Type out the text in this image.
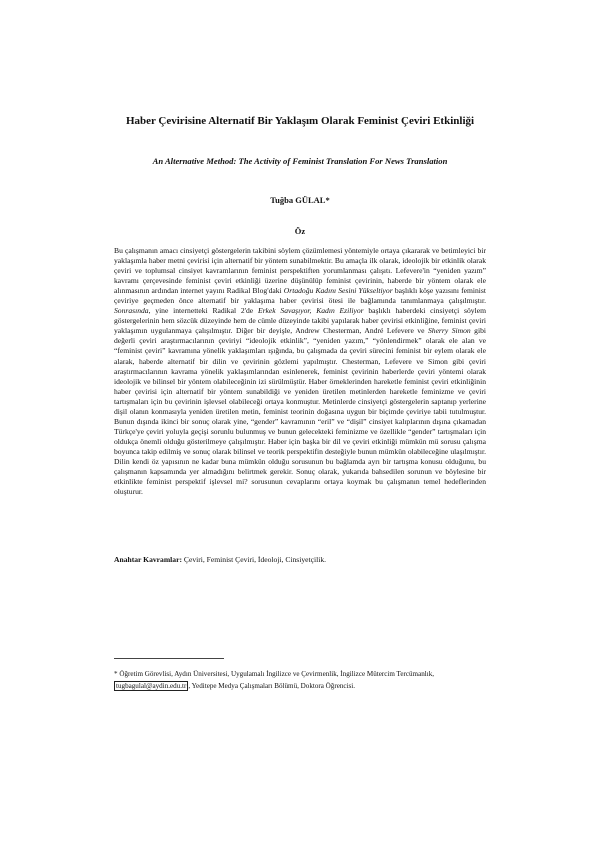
Haber Çevirisine Alternatif Bir Yaklaşım Olarak Feminist Çeviri Etkinliği
An Alternative Method: The Activity of Feminist Translation For News Translation
Tuğba GÜLAL*
Öz

Bu çalışmanın amacı cinsiyetçi göstergelerin takibini söylem çözümlemesi yöntemiyle ortaya çıkararak ve betimleyici bir yaklaşımla haber metni çevirisi için alternatif bir yöntem sunabilmektir. Bu amaçla ilk olarak, ideolojik bir etkinlik olarak çeviri ve toplumsal cinsiyet kavramlarının feminist perspektiften yorumlanması çalışıtı. Lefevere'in “yeniden yazım” kavramı çerçevesinde feminist çeviri etkinliği üzerine düşünülüp feminist çevirinin, haberde bir yöntem olarak ele alınmasının ardından internet yayını Radikal Blog'daki Ortadoğu Kadını Sesini Yükseltiyor başlıklı köşe yazısını feminist çeviriye geçmeden önce alternatif bir yaklaşıma haber çevirisi ötesi ile bağlamında tanımlanmaya çalışılmıştır. Sonrasında, yine internetteki Radikal 2'de Erkek Savaşıyor, Kadın Eziliyor başlıklı haberdeki cinsiyetçi söylem göstergelerinin hem sözcük düzeyinde hem de cümle düzeyinde takibi yapılarak haber çevirisi etkinliğine, feminist çeviri yaklaşımın uygulanmaya çalışılmıştır. Diğer bir deyişle, Andrew Chesterman, André Lefevere ve Sherry Simon gibi değerli çeviri araştırmacılarının çeviriyi “ideolojik etkinlik”, “yeniden yazım,” “yönlendirmek” olarak ele alan ve “feminist çeviri” kavramına yönelik yaklaşımları ışığında, bu çalışmada da çeviri sürecini feminist bir eylem olarak ele alarak, haberde alternatif bir dilin ve çevirinin gözlemi yapılmıştır. Chesterman, Lefevere ve Simon gibi çeviri araştırmacılarının kavrama yönelik yaklaşımlarından esinlenerek, feminist çevirinin haberlerde çeviri yöntemi olarak ideolojik ve bilinsel bir yöntem olabileceğinin izi sürülmüştür. Haber örneklerinden hareketle feminist çeviri etkinliğinin haber çevirisi için alternatif bir yöntem sunabildiği ve yeniden üretilen metinlerden hareketle feminizme ve çeviri tartışmaları için bu çevirinin işlevsel olabileceği ortaya konmuştur. Metinlerde cinsiyetçi göstergelerin saptanıp yerlerine dişil olanın konmasıyla yeniden üretilen metin, feminist teorinin doğasına uygun bir biçimde çeviriye tabii tutulmuştur. Bunun dışında ikinci bir sonuç olarak yine, “gender” kavramının “eril” ve “dişil” cinsiyet kalıplarının dışına çıkamadan Türkçe'ye çeviri yoluyla geçişi sorunlu bulunmuş ve bunun gelecekteki feminizme ve özellikle “gender” tartışmaları için oldukça önemli olduğu gösterilmeye çalışılmıştır. Haber için başka bir dil ve çeviri etkinliği mümkün mü sorusu çalışma boyunca takip edilmiş ve sonuç olarak bilinsel ve teorik perspektifin desteğiyle bunun mümkün olabileceğine ulaşılmıştır. Dilin kendi öz yapısının ne kadar buna mümkün olduğu sorusunun bu bağlamda ayrı bir tartışma konusu olduğunu, bu çalışmanın kapsamında yer almadığını belirtmek gerekir. Sonuç olarak, yukarıda bahsedilen sorunun ve böylesine bir etkinlikte feminist perspektif işlevsel mi? sorusunun cevaplarını ortaya koymak bu çalışmanın temel hedeflerinden oluşturur.

Anahtar Kavramlar: Çeviri, Feminist Çeviri, İdeoloji, Cinsiyetçilik.

* Öğretim Görevlisi, Aydın Üniversitesi, Uygulamalı İngilizce ve Çevirmenlik, İngilizce Mütercim Tercümanlık,
tugbagulal@aydin.edu.tr , Yeditepe Medya Çalışmaları Bölümü, Doktora Öğrencisi.
